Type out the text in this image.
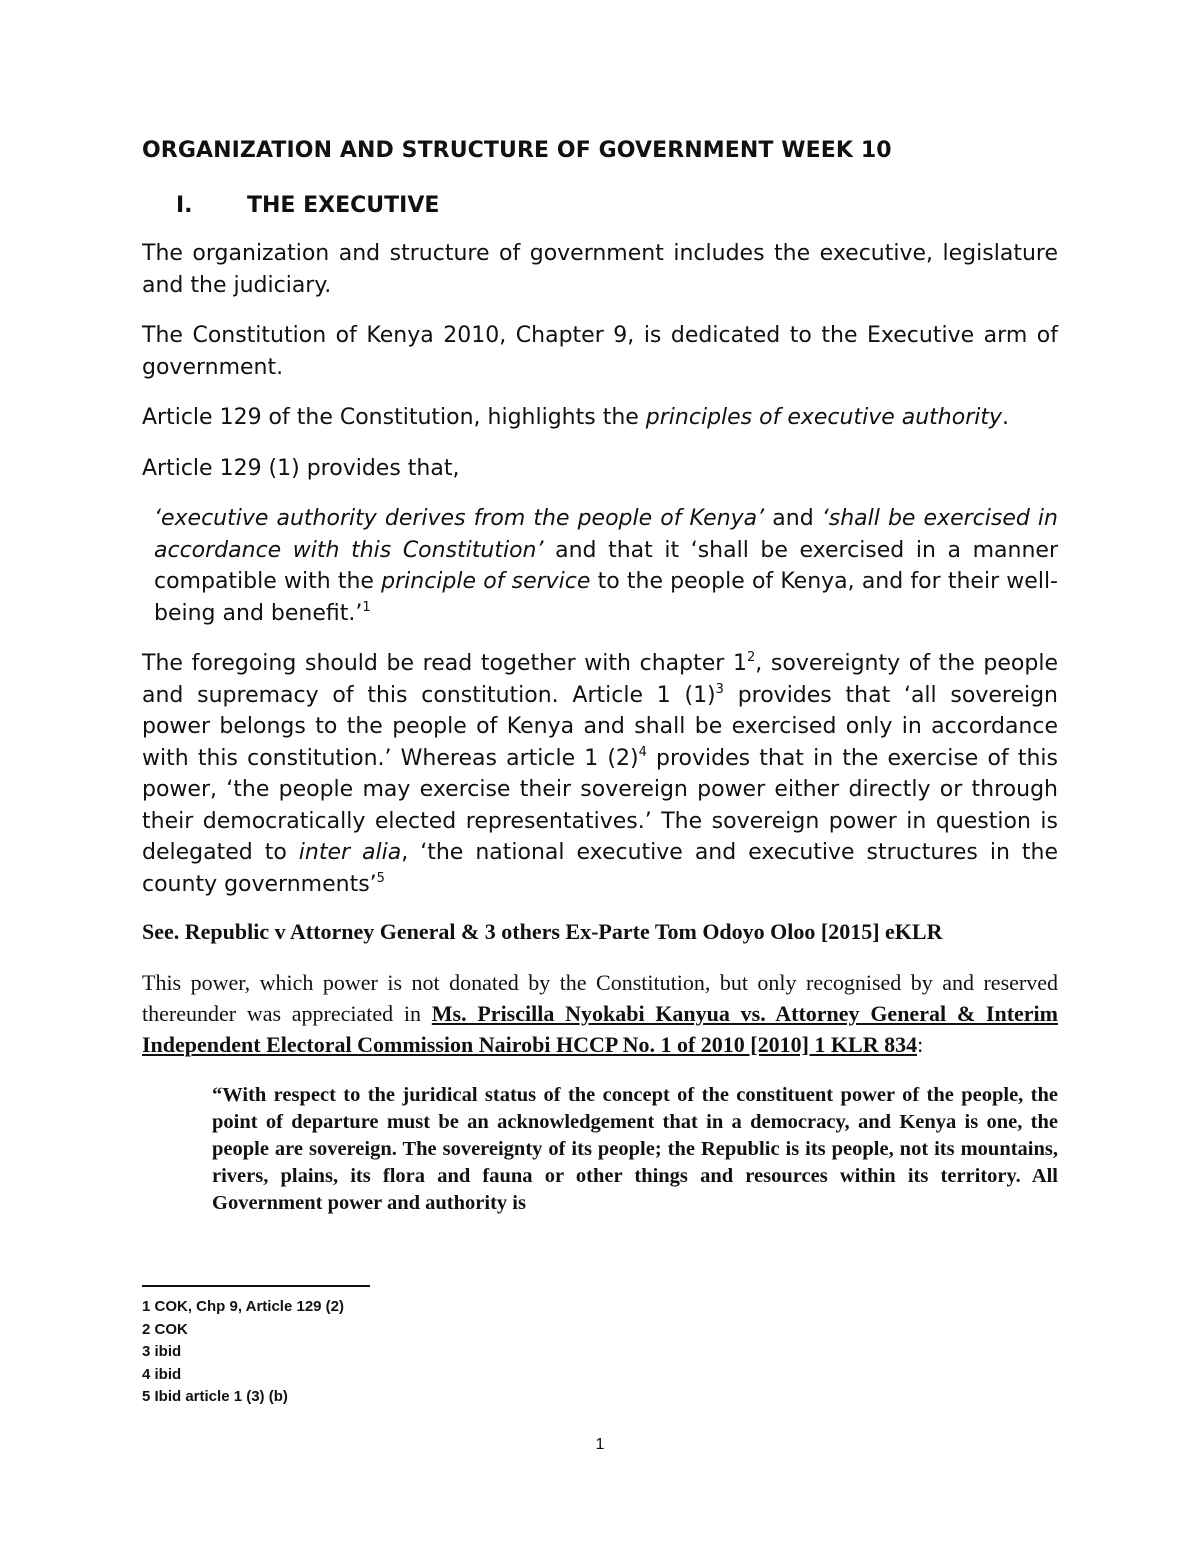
ORGANIZATION AND STRUCTURE OF GOVERNMENT WEEK 10
I. THE EXECUTIVE

The organization and structure of government includes the executive, legislature and the judiciary.

The Constitution of Kenya 2010, Chapter 9, is dedicated to the Executive arm of government.

Article 129 of the Constitution, highlights the principles of executive authority.

Article 129 (1) provides that,

‘executive authority derives from the people of Kenya’ and ‘shall be exercised in accordance with this Constitution’ and that it ‘shall be exercised in a manner compatible with the principle of service to the people of Kenya, and for their well-being and benefit.’$^1$

The foregoing should be read together with chapter $1^2$, sovereignty of the people and supremacy of this constitution. Article 1 $(1)^3$ provides that ‘all sovereign power belongs to the people of Kenya and shall be exercised only in accordance with this constitution.’ Whereas article 1 $(2)^4$ provides that in the exercise of this power, ‘the people may exercise their sovereign power either directly or through their democratically elected representatives.’ The sovereign power in question is delegated to inter alia, ‘the national executive and executive structures in the county governments’$^5$

See. Republic v Attorney General & 3 others Ex-Parte Tom Odoyo Oloo [2015] eKLR

This power, which power is not donated by the Constitution, but only recognised by and reserved thereunder was appreciated in Ms. Priscilla Nyokabi Kanyua vs. Attorney General & Interim Independent Electoral Commission Nairobi HCCP No. 1 of 2010 [2010] 1 KLR 834:

“With respect to the juridical status of the concept of the constituent power of the people, the point of departure must be an acknowledgement that in a democracy, and Kenya is one, the people are sovereign. The sovereignty of its people; the Republic is its people, not its mountains, rivers, plains, its flora and fauna or other things and resources within its territory. All Government power and authority is
1 COK, Chp 9, Article 129 (2)
2 COK
3 ibid
4 ibid
5 Ibid article 1 (3) (b)
1
